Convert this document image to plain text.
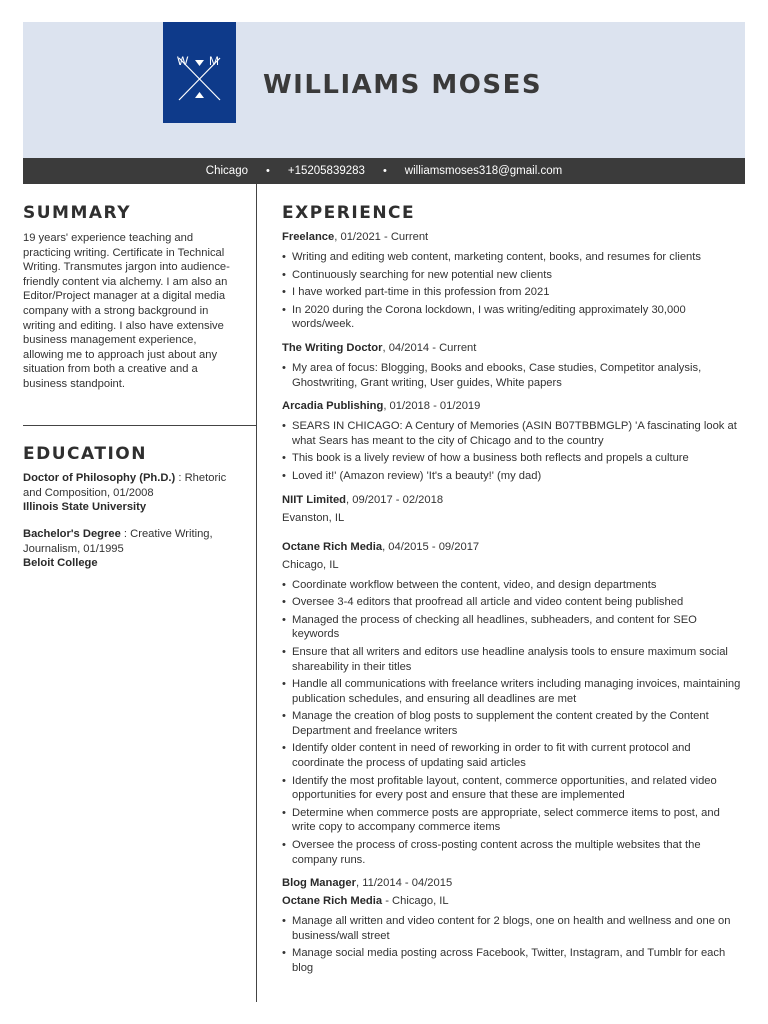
W M
WILLIAMS MOSES
Chicago • +15205839283 • williamsmoses318@gmail.com
SUMMARY
19 years' experience teaching and practicing writing. Certificate in Technical Writing. Transmutes jargon into audience-friendly content via alchemy. I am also an Editor/Project manager at a digital media company with a strong background in writing and editing. I also have extensive business management experience, allowing me to approach just about any situation from both a creative and a business standpoint.
EDUCATION
Doctor of Philosophy (Ph.D.) : Rhetoric and Composition, 01/2008
Illinois State University
Bachelor's Degree : Creative Writing, Journalism, 01/1995
Beloit College
EXPERIENCE
Freelance, 01/2021 - Current
• Writing and editing web content, marketing content, books, and resumes for clients
• Continuously searching for new potential new clients
• I have worked part-time in this profession from 2021
• In 2020 during the Corona lockdown, I was writing/editing approximately 30,000 words/week.
The Writing Doctor, 04/2014 - Current
• My area of focus: Blogging, Books and ebooks, Case studies, Competitor analysis, Ghostwriting, Grant writing, User guides, White papers
Arcadia Publishing, 01/2018 - 01/2019
• SEARS IN CHICAGO: A Century of Memories (ASIN B07TBBMGLP) 'A fascinating look at what Sears has meant to the city of Chicago and to the country
• This book is a lively review of how a business both reflects and propels a culture
• Loved it!' (Amazon review) 'It's a beauty!' (my dad)
NIIT Limited, 09/2017 - 02/2018
Evanston, IL
Octane Rich Media, 04/2015 - 09/2017
Chicago, IL
• Coordinate workflow between the content, video, and design departments
• Oversee 3-4 editors that proofread all article and video content being published
• Managed the process of checking all headlines, subheaders, and content for SEO keywords
• Ensure that all writers and editors use headline analysis tools to ensure maximum social shareability in their titles
• Handle all communications with freelance writers including managing invoices, maintaining publication schedules, and ensuring all deadlines are met
• Manage the creation of blog posts to supplement the content created by the Content Department and freelance writers
• Identify older content in need of reworking in order to fit with current protocol and coordinate the process of updating said articles
• Identify the most profitable layout, content, commerce opportunities, and related video opportunities for every post and ensure that these are implemented
• Determine when commerce posts are appropriate, select commerce items to post, and write copy to accompany commerce items
• Oversee the process of cross-posting content across the multiple websites that the company runs.
Blog Manager, 11/2014 - 04/2015
Octane Rich Media - Chicago, IL
• Manage all written and video content for 2 blogs, one on health and wellness and one on business/wall street
• Manage social media posting across Facebook, Twitter, Instagram, and Tumblr for each blog
